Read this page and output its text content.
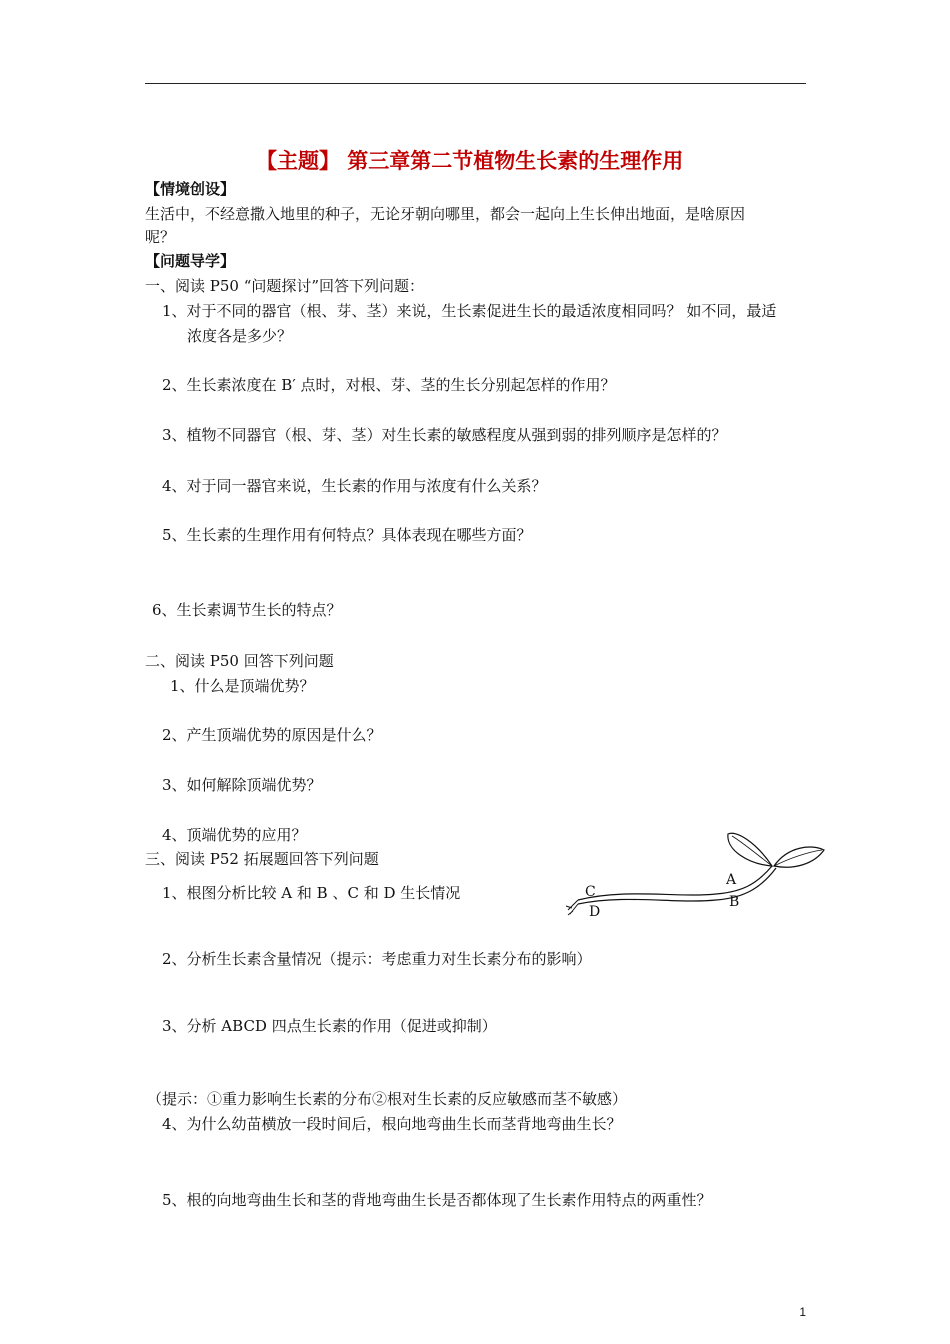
【主题】 第三章第二节植物生长素的生理作用
【情境创设】
生活中，不经意撒入地里的种子，无论牙朝向哪里，都会一起向上生长伸出地面，是啥原因
呢？
【问题导学】
一、阅读 P50 “问题探讨”回答下列问题：
1、对于不同的器官（根、芽、茎）来说，生长素促进生长的最适浓度相同吗？ 如不同，最适
浓度各是多少？
2、生长素浓度在 B′ 点时，对根、芽、茎的生长分别起怎样的作用？
3、植物不同器官（根、芽、茎）对生长素的敏感程度从强到弱的排列顺序是怎样的？
4、对于同一器官来说，生长素的作用与浓度有什么关系？
5、生长素的生理作用有何特点？具体表现在哪些方面？
6、生长素调节生长的特点？
二、阅读 P50 回答下列问题
1、什么是顶端优势？
2、产生顶端优势的原因是什么？
3、如何解除顶端优势？
4、顶端优势的应用？
三、阅读 P52 拓展题回答下列问题
1、根图分析比较 A 和 B 、C 和 D 生长情况
2、分析生长素含量情况（提示：考虑重力对生长素分布的影响）
3、分析 ABCD 四点生长素的作用（促进或抑制）
（提示：①重力影响生长素的分布②根对生长素的反应敏感而茎不敏感）
4、为什么幼苗横放一段时间后，根向地弯曲生长而茎背地弯曲生长？
5、根的向地弯曲生长和茎的背地弯曲生长是否都体现了生长素作用特点的两重性？
A
B
C
D
1
